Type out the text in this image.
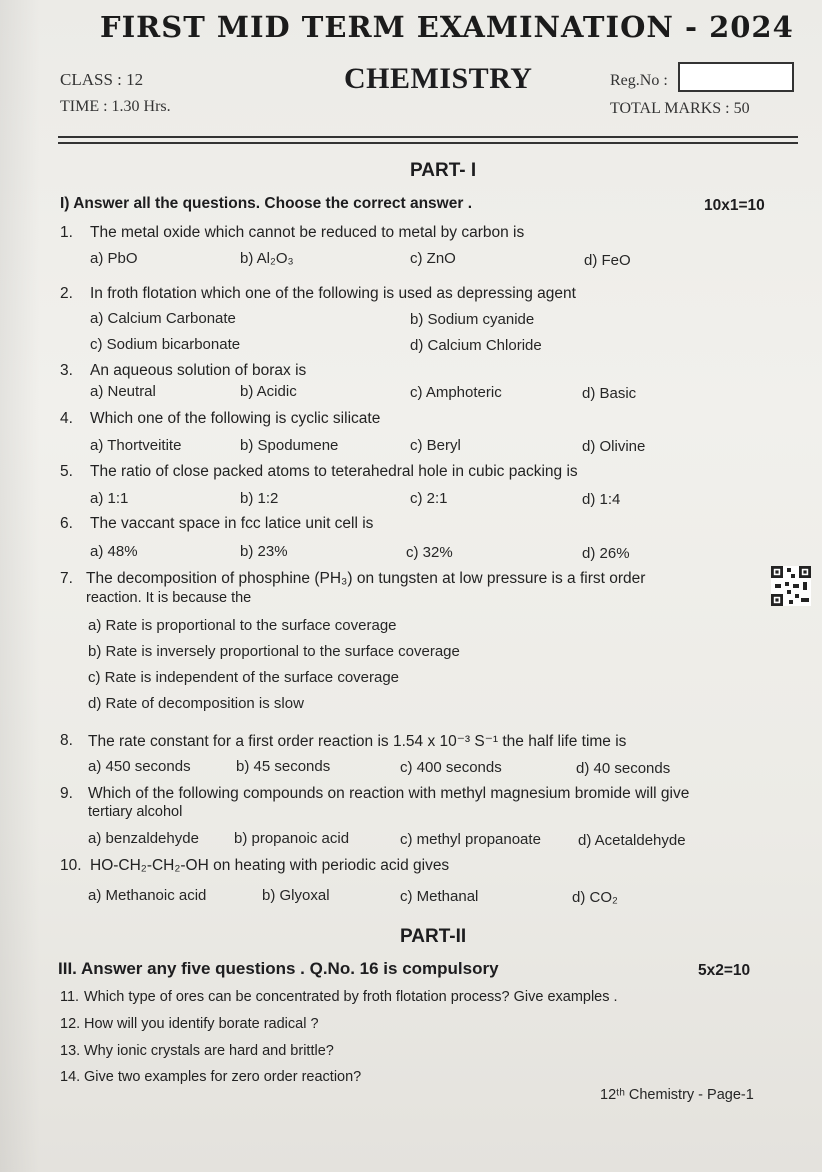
FIRST MID TERM EXAMINATION - 2024
CLASS : 12
TIME : 1.30 Hrs.
CHEMISTRY	Reg.No :
TOTAL MARKS : 50
PART- I
I) Answer all the questions. Choose the correct answer .	10x1=10
1. The metal oxide which cannot be reduced to metal by carbon is
a) PbO	b) Al₂O₃	c) ZnO	d) FeO
2. In froth flotation which one of the following is used as depressing agent
a) Calcium Carbonate	b) Sodium cyanide
c) Sodium bicarbonate	d) Calcium Chloride
3. An aqueous solution of borax is
a) Neutral	b) Acidic	c) Amphoteric	d) Basic
4. Which one of the following is cyclic silicate
a) Thortveitite	b) Spodumene	c) Beryl	d) Olivine
5. The ratio of close packed atoms to teterahedral hole in cubic packing is
a) 1:1	b) 1:2	c) 2:1	d) 1:4
6. The vaccant space in fcc latice unit cell is
a) 48%	b) 23%	c) 32%	d) 26%
7. The decomposition of phosphine (PH₃) on tungsten at low pressure is a first order
reaction. It is because the
a) Rate is proportional to the surface coverage
b) Rate is inversely proportional to the surface coverage
c) Rate is independent of the surface coverage
d) Rate of decomposition is slow
8. The rate constant for a first order reaction is 1.54 x 10⁻³ S⁻¹ the half life time is
a) 450 seconds	b) 45 seconds	c) 400 seconds	d) 40 seconds
9. Which of the following compounds on reaction with methyl magnesium bromide will give
tertiary alcohol
a) benzaldehyde b) propanoic acid	c) methyl propanoate d) Acetaldehyde
10. HO-CH₂-CH₂-OH on heating with periodic acid gives
a) Methanoic acid	b) Glyoxal	c) Methanal	d) CO₂
PART-II
III. Answer any five questions . Q.No. 16 is compulsory	5x2=10
11. Which type of ores can be concentrated by froth flotation process? Give examples .
12. How will you identify borate radical ?
13. Why ionic crystals are hard and brittle?
14. Give two examples for zero order reaction?
12ᵗʰ Chemistry - Page-1
